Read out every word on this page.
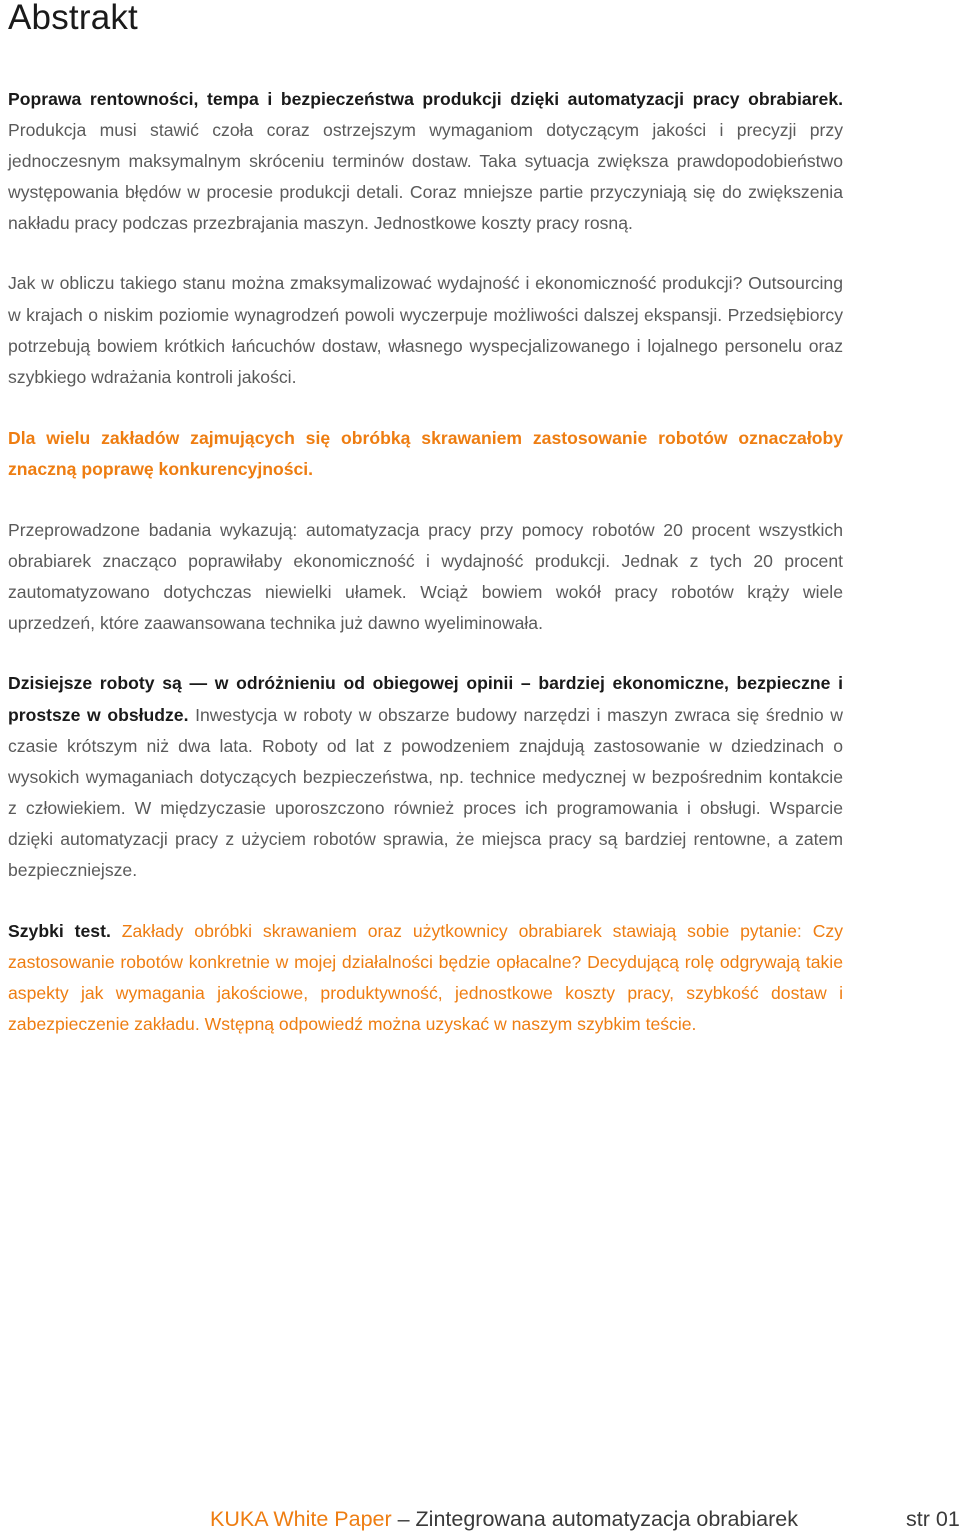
Abstrakt

Poprawa rentowności, tempa i bezpieczeństwa produkcji dzięki automatyzacji pracy obrabiarek. Produkcja musi stawić czoła coraz ostrzejszym wymaganiom dotyczącym jakości i precyzji przy jednoczesnym maksymalnym skróceniu terminów dostaw. Taka sytuacja zwiększa prawdopodobieństwo występowania błędów w procesie produkcji detali. Coraz mniejsze partie przyczyniają się do zwiększenia nakładu pracy podczas przezbrajania maszyn. Jednostkowe koszty pracy rosną.

Jak w obliczu takiego stanu można zmaksymalizować wydajność i ekonomiczność produkcji? Outsourcing w krajach o niskim poziomie wynagrodzeń powoli wyczerpuje możliwości dalszej ekspansji. Przedsiębiorcy potrzebują bowiem krótkich łańcuchów dostaw, własnego wyspecjalizowanego i lojalnego personelu oraz szybkiego wdrażania kontroli jakości.

Dla wielu zakładów zajmujących się obróbką skrawaniem zastosowanie robotów oznaczałoby znaczną poprawę konkurencyjności.

Przeprowadzone badania wykazują: automatyzacja pracy przy pomocy robotów 20 procent wszystkich obrabiarek znacząco poprawiłaby ekonomiczność i wydajność produkcji. Jednak z tych 20 procent zautomatyzowano dotychczas niewielki ułamek. Wciąż bowiem wokół pracy robotów krąży wiele uprzedzeń, które zaawansowana technika już dawno wyeliminowała.

Dzisiejsze roboty są — w odróżnieniu od obiegowej opinii – bardziej ekonomiczne, bezpieczne i prostsze w obsłudze. Inwestycja w roboty w obszarze budowy narzędzi i maszyn zwraca się średnio w czasie krótszym niż dwa lata. Roboty od lat z powodzeniem znajdują zastosowanie w dziedzinach o wysokich wymaganiach dotyczących bezpieczeństwa, np. technice medycznej w bezpośrednim kontakcie z człowiekiem. W międzyczasie uporoszczono również proces ich programowania i obsługi. Wsparcie dzięki automatyzacji pracy z użyciem robotów sprawia, że miejsca pracy są bardziej rentowne, a zatem bezpieczniejsze.

Szybki test. Zakłady obróbki skrawaniem oraz użytkownicy obrabiarek stawiają sobie pytanie: Czy zastosowanie robotów konkretnie w mojej działalności będzie opłacalne? Decydującą rolę odgrywają takie aspekty jak wymagania jakościowe, produktywność, jednostkowe koszty pracy, szybkość dostaw i zabezpieczenie zakładu. Wstępną odpowiedź można uzyskać w naszym szybkim teście.

KUKA White Paper – Zintegrowana automatyzacja obrabiarek	str 01
